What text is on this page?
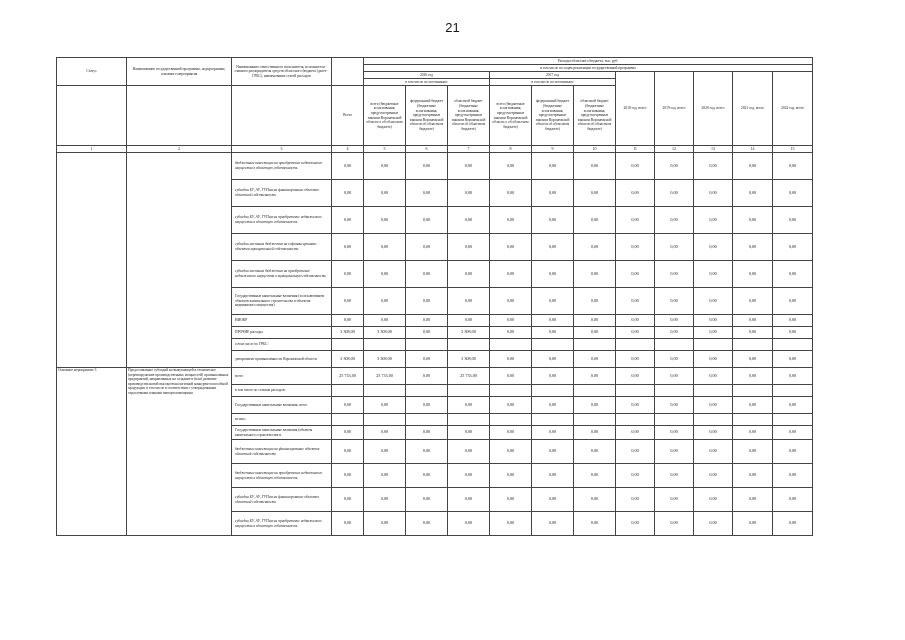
21
Статус	Наименование государственной программы, подпрограммы, основного мероприятия	Наименование ответственного исполнителя, исполнителя - главного распорядителя средств областного бюджета (далее - ГРБС), наименование статей расходов		Расходы областного бюджета, тыс. руб.										
				в том числе по годам реализации государственной программы										
				2016 год			2017 год			2018 год, всего	2019 год, всего	2020 год, всего	2021 год, всего	2022 год, всего
				в том числе по источникам:			в том числе по источникам:							
			Всего	всего (бюджетные ассигнования, предусмотренные законом Воронежской области о об областном бюджете)	федеральный бюджет (бюджетные ассигнования, предусмотренные законом Воронежской области об областном бюджете)	областной бюджет (бюджетные ассигнования, предусмотренные законом Воронежской области об областном бюджете)	всего (бюджетные ассигнования, предусмотренные законом Воронежской области о об областном бюджете)	федеральный бюджет (бюджетные ассигнования, предусмотренные законом Воронежской области об областном бюджете)	областной бюджет (бюджетные ассигнования, предусмотренные законом Воронежской области об областном бюджете)					
1	2	3	4	5	6	7	8	9	10	11	12	13	14	15
		бюджетные инвестиции на приобретение недвижимого имущества в областную собственность	0,00	0,00	0,00	0,00	0,00	0,00	0,00	0,00	0,00	0,00	0,00	0,00
		субсидии БУ, АУ, ГУПам на финансирование объектов областной собственности	0,00	0,00	0,00	0,00	0,00	0,00	0,00	0,00	0,00	0,00	0,00	0,00
		субсидии БУ, АУ, ГУПам на приобретение недвижимого имущества в областную собственность	0,00	0,00	0,00	0,00	0,00	0,00	0,00	0,00	0,00	0,00	0,00	0,00
		субсидии местным бюджетам на софинансирование объектов муниципальной собственности	0,00	0,00	0,00	0,00	0,00	0,00	0,00	0,00	0,00	0,00	0,00	0,00
		субсидии местным бюджетам на приобретение недвижимого имущества в муниципальную собственность	0,00	0,00	0,00	0,00	0,00	0,00	0,00	0,00	0,00	0,00	0,00	0,00
		Государственные капитальные вложения (за исключением объектов капитального строительства и объектов недвижимого имущества)	0,00	0,00	0,00	0,00	0,00	0,00	0,00	0,00	0,00	0,00	0,00	0,00
		НИОКР	0,00	0,00	0,00	0,00	0,00	0,00	0,00	0,00	0,00	0,00	0,00	0,00
		ПРОЧИЕ расходы	3 308,00	3 308,00	0,00	3 308,00	0,00	0,00	0,00	0,00	0,00	0,00	0,00	0,00
		в том числе по ГРБС:												
		департамент промышленности Воронежской области	3 308,00	3 308,00	0,00	3 308,00	0,00	0,00	0,00	0,00	0,00	0,00	0,00	0,00
Основное мероприятие 3	Предоставление субсидий на выкупающей в техническое (перевооружение производственных мощностей) промышленных предприятий, направленных на создание и (или) развитие производства новой высокотехнологичной конкурентоспособной продукции, в том числе в соответствии с утвержденными отраслевыми планами импортозамещения	всего	25 733,00	25 733,00	0,00	25 733,00	0,00	0,00	0,00	0,00	0,00	0,00	0,00	0,00
		в том числе по статьям расходов:												
		Государственные капитальные вложения, всего	0,00	0,00	0,00	0,00	0,00	0,00	0,00	0,00	0,00	0,00	0,00	0,00
		из них:												
		Государственные капитальные вложения (объекты капитального строительства и	0,00	0,00	0,00	0,00	0,00	0,00	0,00	0,00	0,00	0,00	0,00	0,00
		бюджетные инвестиции на финансирование объектов областной собственности	0,00	0,00	0,00	0,00	0,00	0,00	0,00	0,00	0,00	0,00	0,00	0,00
		бюджетные инвестиции на приобретение недвижимого имущества в областную собственность	0,00	0,00	0,00	0,00	0,00	0,00	0,00	0,00	0,00	0,00	0,00	0,00
		субсидии БУ, АУ, ГУПам на финансирование объектов областной собственности	0,00	0,00	0,00	0,00	0,00	0,00	0,00	0,00	0,00	0,00	0,00	0,00
		субсидии БУ, АУ, ГУПам на приобретение недвижимого имущества в областную собственность	0,00	0,00	0,00	0,00	0,00	0,00	0,00	0,00	0,00	0,00	0,00	0,00
